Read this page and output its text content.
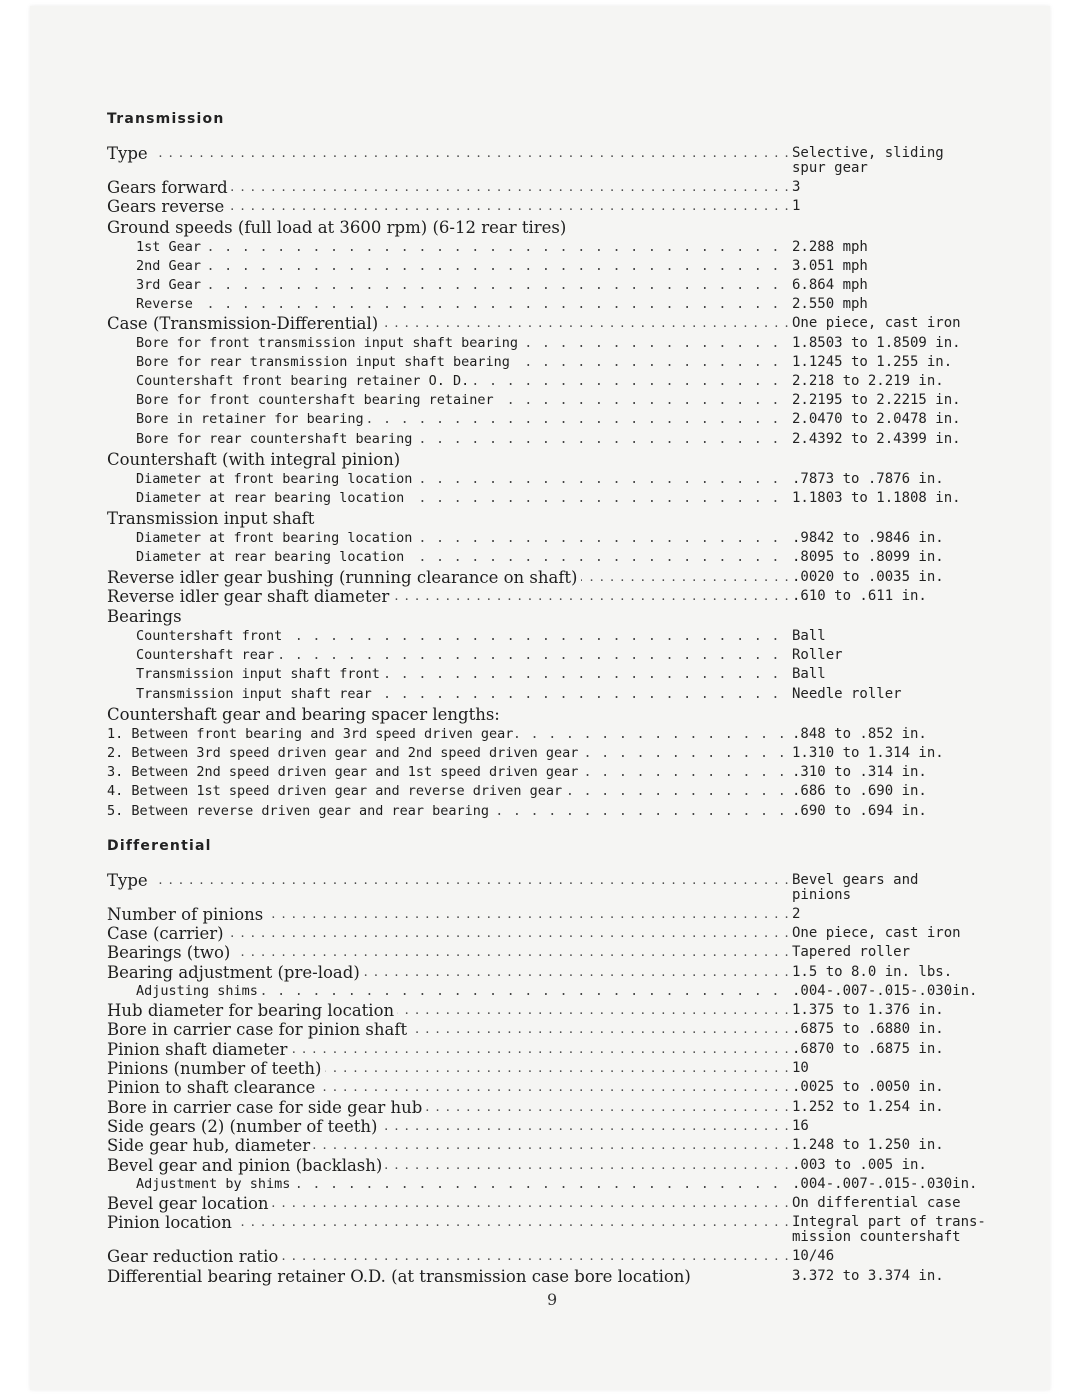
Transmission
Type . . .	Selective, sliding
spur gear
Gears forward . . .	3
Gears reverse . . .	1
Ground speeds (full load at 3600 rpm) (6-12 rear tires)
1st Gear . . .	2.288 mph
2nd Gear . . .	3.051 mph
3rd Gear . . .	6.864 mph
Reverse . . .	2.550 mph
Case (Transmission-Differential) . . .	One piece, cast iron
Bore for front transmission input shaft bearing . . .	1.8503 to 1.8509 in.
Bore for rear transmission input shaft bearing . . .	1.1245 to 1.255 in.
Countershaft front bearing retainer O. D. . . .	2.218 to 2.219 in.
Bore for front countershaft bearing retainer . . .	2.2195 to 2.2215 in.
Bore in retainer for bearing . . .	2.0470 to 2.0478 in.
Bore for rear countershaft bearing . . .	2.4392 to 2.4399 in.
Countershaft (with integral pinion)
Diameter at front bearing location . . .	.7873 to .7876 in.
Diameter at rear bearing location . . .	1.1803 to 1.1808 in.
Transmission input shaft
Diameter at front bearing location . . .	.9842 to .9846 in.
Diameter at rear bearing location . . .	.8095 to .8099 in.
Reverse idler gear bushing (running clearance on shaft) . . .	.0020 to .0035 in.
Reverse idler gear shaft diameter . . .	.610 to .611 in.
Bearings
Countershaft front . . .	Ball
Countershaft rear . . .	Roller
Transmission input shaft front . . .	Ball
Transmission input shaft rear . . .	Needle roller
Countershaft gear and bearing spacer lengths:
1. Between front bearing and 3rd speed driven gear . . .	.848 to .852 in.
2. Between 3rd speed driven gear and 2nd speed driven gear . . .	1.310 to 1.314 in.
3. Between 2nd speed driven gear and 1st speed driven gear . . .	.310 to .314 in.
4. Between 1st speed driven gear and reverse driven gear . . .	.686 to .690 in.
5. Between reverse driven gear and rear bearing . . .	.690 to .694 in.
Differential
Type . . .	Bevel gears and
pinions
Number of pinions . . .	2
Case (carrier) . . .	One piece, cast iron
Bearings (two) . . .	Tapered roller
Bearing adjustment (pre-load) . . .	1.5 to 8.0 in. lbs.
Adjusting shims . . .	.004-.007-.015-.030in.
Hub diameter for bearing location . . .	1.375 to 1.376 in.
Bore in carrier case for pinion shaft . . .	.6875 to .6880 in.
Pinion shaft diameter . . .	.6870 to .6875 in.
Pinions (number of teeth) . . .	10
Pinion to shaft clearance . . .	.0025 to .0050 in.
Bore in carrier case for side gear hub . . .	1.252 to 1.254 in.
Side gears (2) (number of teeth) . . .	16
Side gear hub, diameter . . .	1.248 to 1.250 in.
Bevel gear and pinion (backlash) . . .	.003 to .005 in.
Adjustment by shims . . .	.004-.007-.015-.030in.
Bevel gear location . . .	On differential case
Pinion location . . .	Integral part of trans-
mission countershaft
Gear reduction ratio . . .	10/46
Differential bearing retainer O.D. (at transmission case bore location)	3.372 to 3.374 in.
9
